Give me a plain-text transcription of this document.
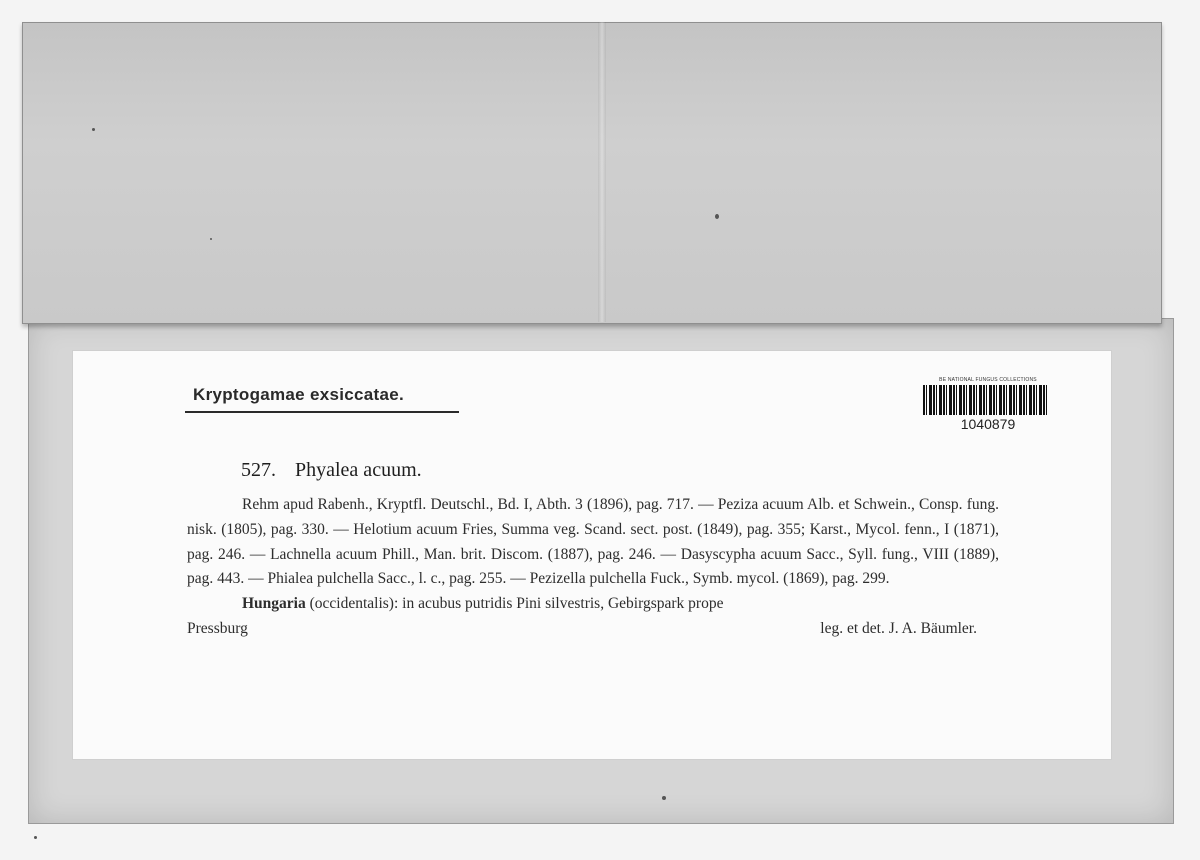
Kryptogamae exsiccatae.
BE NATIONAL FUNGUS COLLECTIONS
1040879
527. Phyalea acuum.

Rehm apud Rabenh., Kryptfl. Deutschl., Bd. I, Abth. 3 (1896), pag. 717. — Peziza acuum Alb. et Schwein., Consp. fung. nisk. (1805), pag. 330. — Helotium acuum Fries, Summa veg. Scand. sect. post. (1849), pag. 355; Karst., Mycol. fenn., I (1871), pag. 246. — Lachnella acuum Phill., Man. brit. Discom. (1887), pag. 246. — Dasyscypha acuum Sacc., Syll. fung., VIII (1889), pag. 443. — Phialea pulchella Sacc., l. c., pag. 255. — Pezizella pulchella Fuck., Symb. mycol. (1869), pag. 299.

Hungaria (occidentalis): in acubus putridis Pini silvestris, Gebirgspark prope

Pressburg	leg. et det. J. A. Bäumler.
